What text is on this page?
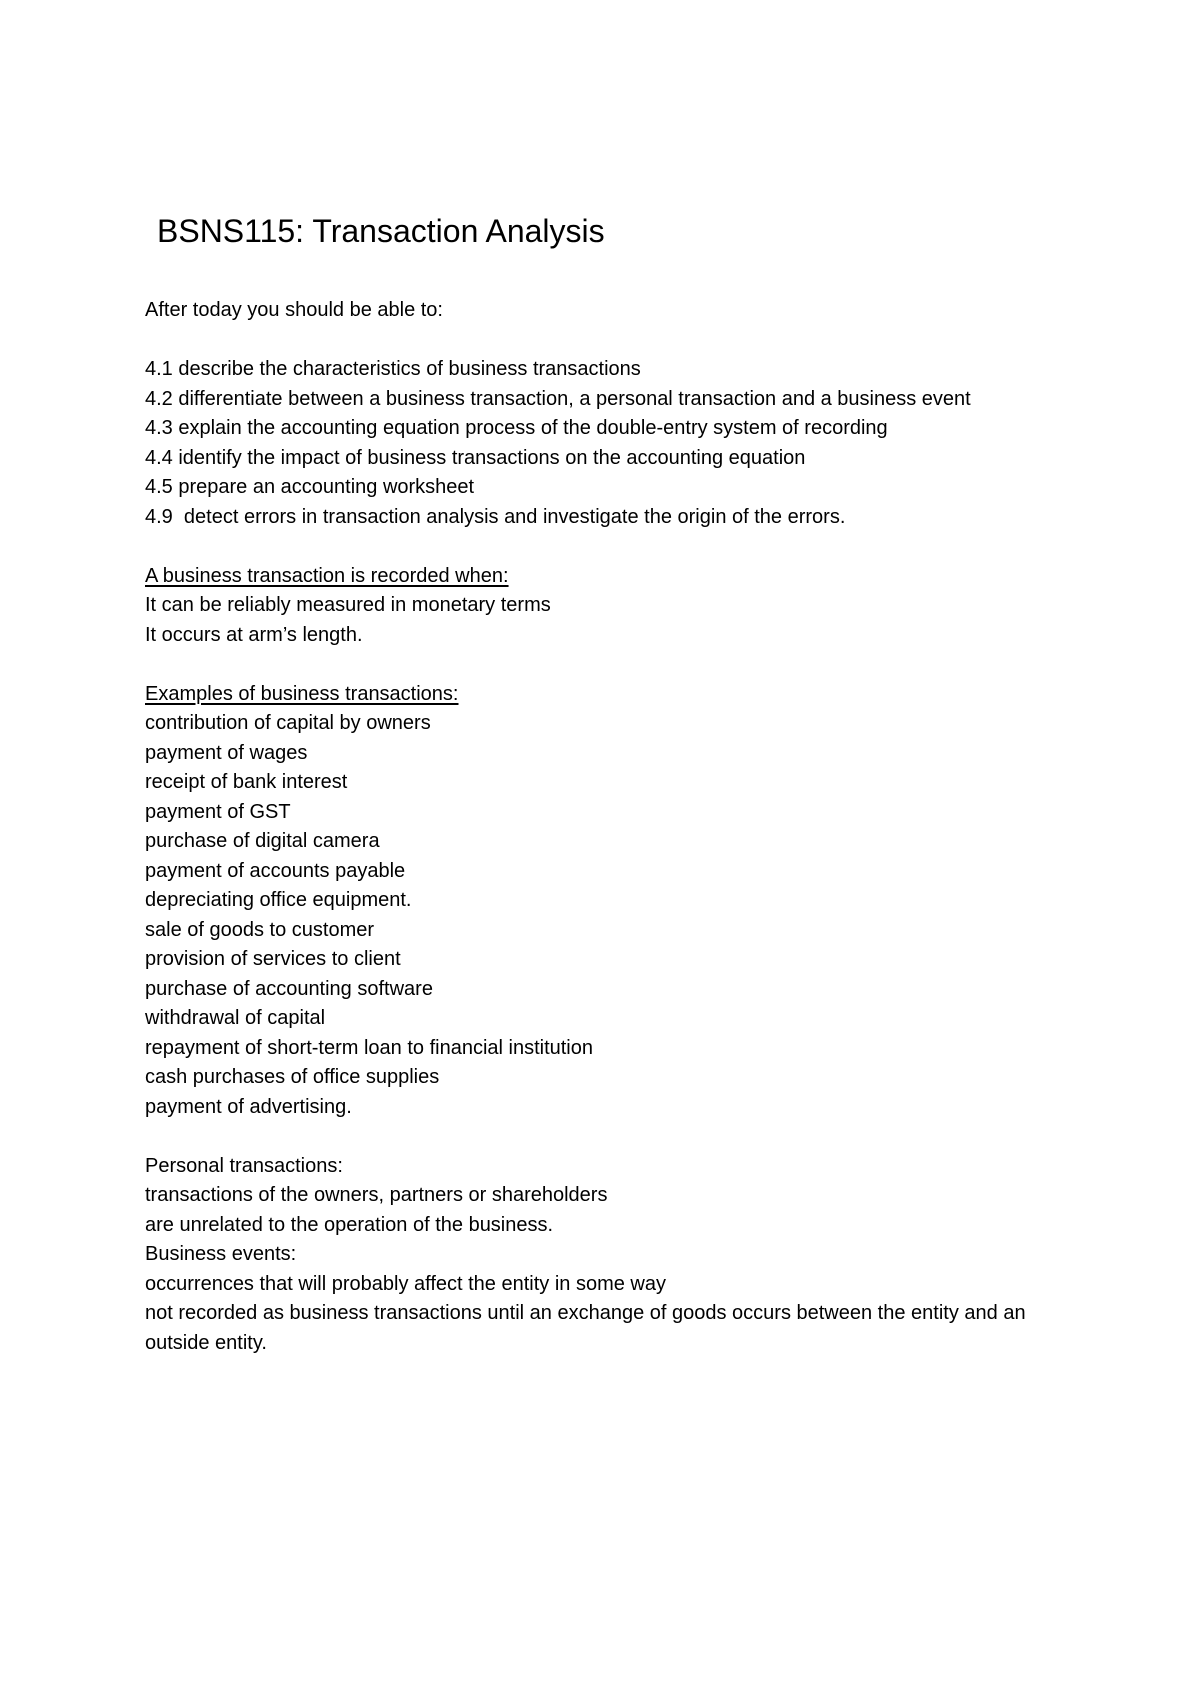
BSNS115: Transaction Analysis
After today you should be able to:
4.1 describe the characteristics of business transactions
4.2 differentiate between a business transaction, a personal transaction and a business event
4.3 explain the accounting equation process of the double-entry system of recording
4.4 identify the impact of business transactions on the accounting equation
4.5 prepare an accounting worksheet
4.9  detect errors in transaction analysis and investigate the origin of the errors.
A business transaction is recorded when:
It can be reliably measured in monetary terms
It occurs at arm’s length.
Examples of business transactions:
contribution of capital by owners
payment of wages
receipt of bank interest
payment of GST
purchase of digital camera
payment of accounts payable
depreciating office equipment.
sale of goods to customer
provision of services to client
purchase of accounting software
withdrawal of capital
repayment of short-term loan to financial institution
cash purchases of office supplies
payment of advertising.
Personal transactions:
transactions of the owners, partners or shareholders
are unrelated to the operation of the business.
Business events:
occurrences that will probably affect the entity in some way
not recorded as business transactions until an exchange of goods occurs between the entity and an outside entity.
